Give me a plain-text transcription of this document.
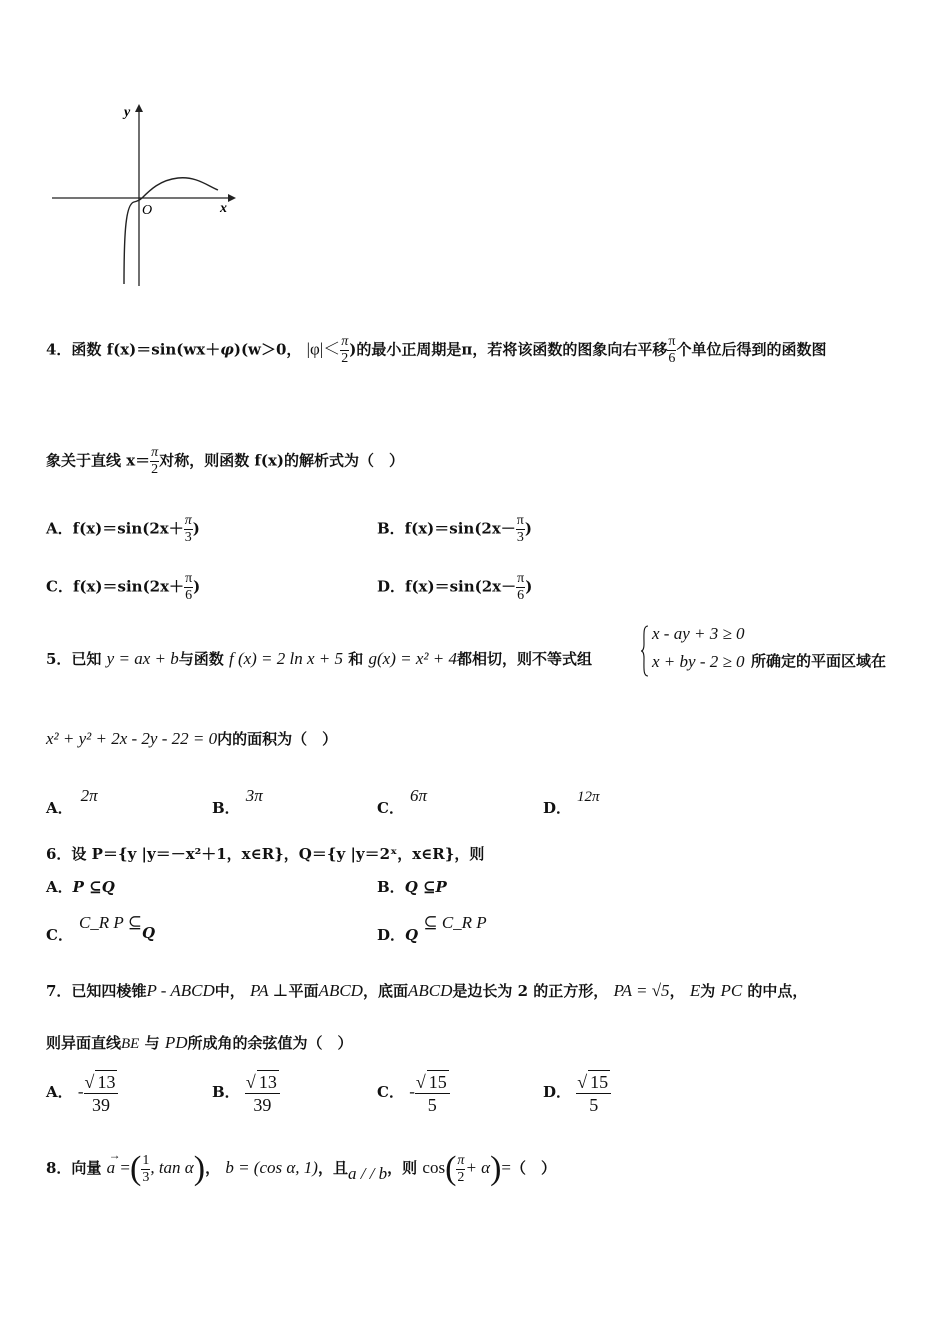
y
x
O
4．函数 f(x)＝sin(wx＋φ)(w＞0， $|\varphi|< \frac{\pi}{2}$ )的最小正周期是π，若将该函数的图象向右平移 $\frac{\pi}{6}$ 个单位后得到的函数图
象关于直线 $x= \frac{\pi}{2}$ 对称，则函数 f(x)的解析式为（　）
A．$f(x)=\sin(2x+ \frac{\pi}{3}$ )	B．$f(x)=\sin(2x- \frac{\pi}{3}$ )
C．$f(x)=\sin(2x+ \frac{\pi}{6}$ )	D．$f(x)=\sin(2x- \frac{\pi}{6}$ )
5．已知 y = ax + b与函数 f (x) = 2 ln x + 5 和 g(x) = x² + 4都相切，则不等式组
x - ay + 3 ≥ 0
x + by - 2 ≥ 0 所确定的平面区域在
x² + y² + 2x - 2y - 22 = 0内的面积为（　）
A．2π
B．3π
C．6π
D．12π
6．设 P＝{y |y＝－x²＋1，x∈R}，Q＝{y |y＝2ˣ，x∈R}，则
A．P ⊆Q	B．Q ⊆P
C．C_R P ⊆Q	D．Q ⊆ C_R P
7．已知四棱锥P - ABCD中， PA ⊥平面ABCD，底面ABCD是边长为 2 的正方形， PA = √5， E为 PC 的中点，
则异面直线BE 与 PD所成角的余弦值为（　）
A． - $\frac{√ 13}{39}$	B． $\frac{√ 13}{39}$	C． - $\frac{√ 15}{5}$	D． $\frac{√ 15}{5}$
8．向量
→
a =( $\frac{1}{3}$ , tan α)， b = (cos α, 1)，且a / / b，则 $\cos( \frac{\pi}{2} + \alpha)=$（　）
